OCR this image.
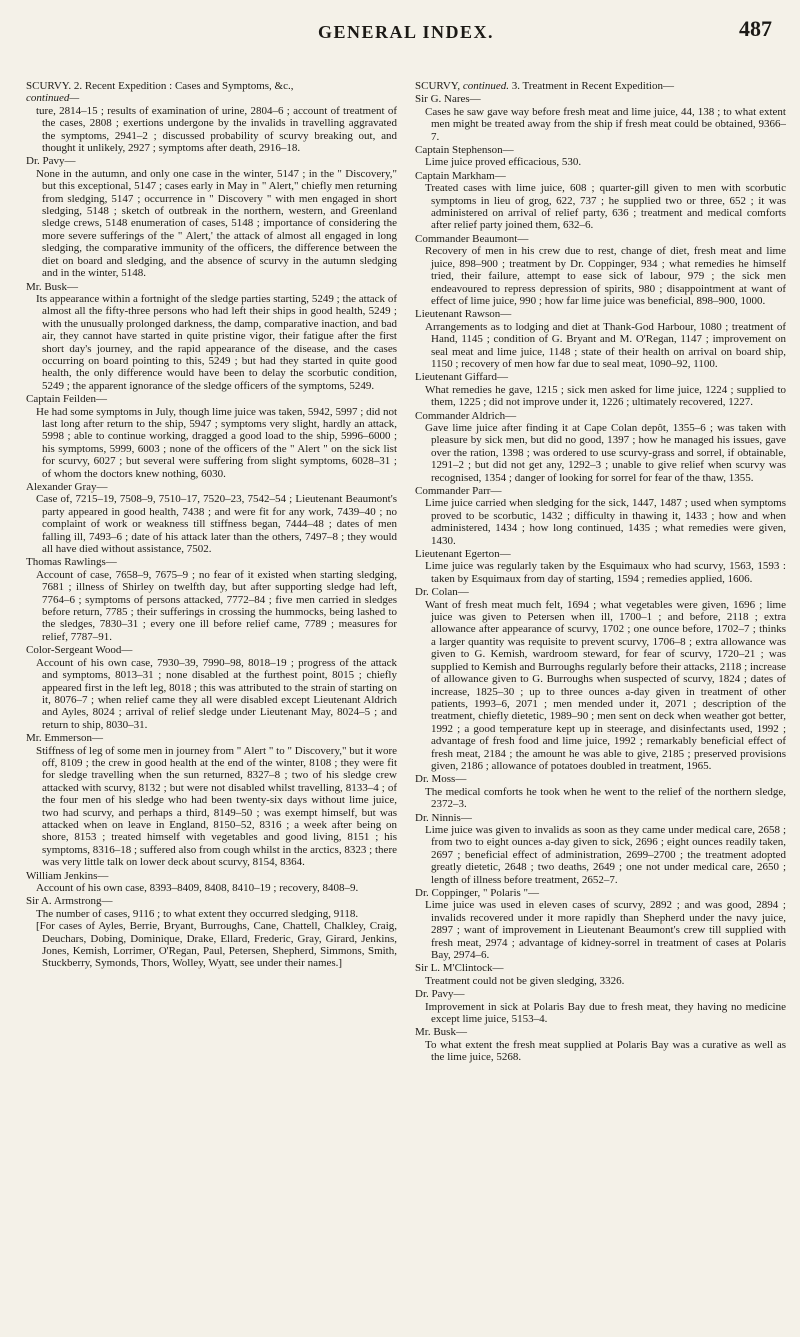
GENERAL INDEX.	487

SCURVY. 2. Recent Expedition : Cases and Symptoms, &c.,

continued—

ture, 2814–15 ; results of examination of urine, 2804–6 ; account of treatment of the cases, 2808 ; exertions undergone by the invalids in travelling aggravated the symptoms, 2941–2 ; discussed probability of scurvy breaking out, and thought it unlikely, 2927 ; symptoms after death, 2916–18.

Dr. Pavy—

None in the autumn, and only one case in the winter, 5147 ; in the " Discovery," but this exceptional, 5147 ; cases early in May in " Alert," chiefly men returning from sledging, 5147 ; occurrence in " Discovery " with men engaged in short sledging, 5148 ; sketch of outbreak in the northern, western, and Greenland sledge crews, 5148 enumeration of cases, 5148 ; importance of considering the more severe sufferings of the " Alert,' the attack of almost all engaged in long sledging, the comparative immunity of the officers, the difference between the diet on board and sledging, and the absence of scurvy in the autumn sledging and in the winter, 5148.

Mr. Busk—

Its appearance within a fortnight of the sledge parties starting, 5249 ; the attack of almost all the fifty-three persons who had left their ships in good health, 5249 ; with the unusually prolonged darkness, the damp, comparative inaction, and bad air, they cannot have started in quite pristine vigor, their fatigue after the first short day's journey, and the rapid appearance of the disease, and the cases occurring on board pointing to this, 5249 ; but had they started in quite good health, the only difference would have been to delay the scorbutic condition, 5249 ; the apparent ignorance of the sledge officers of the symptoms, 5249.

Captain Feilden—

He had some symptoms in July, though lime juice was taken, 5942, 5997 ; did not last long after return to the ship, 5947 ; symptoms very slight, hardly an attack, 5998 ; able to continue working, dragged a good load to the ship, 5996–6000 ; his symptoms, 5999, 6003 ; none of the officers of the " Alert " on the sick list for scurvy, 6027 ; but several were suffering from slight symptoms, 6028–31 ; of whom the doctors knew nothing, 6030.

Alexander Gray—

Case of, 7215–19, 7508–9, 7510–17, 7520–23, 7542–54 ; Lieutenant Beaumont's party appeared in good health, 7438 ; and were fit for any work, 7439–40 ; no complaint of work or weakness till stiffness began, 7444–48 ; dates of men falling ill, 7493–6 ; date of his attack later than the others, 7497–8 ; they would all have died without assistance, 7502.

Thomas Rawlings—

Account of case, 7658–9, 7675–9 ; no fear of it existed when starting sledging, 7681 ; illness of Shirley on twelfth day, but after supporting sledge had left, 7764–6 ; symptoms of persons attacked, 7772–84 ; five men carried in sledges before return, 7785 ; their sufferings in crossing the hummocks, being lashed to the sledges, 7830–31 ; every one ill before relief came, 7789 ; measures for relief, 7787–91.

Color-Sergeant Wood—

Account of his own case, 7930–39, 7990–98, 8018–19 ; progress of the attack and symptoms, 8013–31 ; none disabled at the furthest point, 8015 ; chiefly appeared first in the left leg, 8018 ; this was attributed to the strain of starting on it, 8076–7 ; when relief came they all were disabled except Lieutenant Aldrich and Ayles, 8024 ; arrival of relief sledge under Lieutenant May, 8024–5 ; and return to ship, 8030–31.

Mr. Emmerson—

Stiffness of leg of some men in journey from " Alert " to " Discovery," but it wore off, 8109 ; the crew in good health at the end of the winter, 8108 ; they were fit for sledge travelling when the sun returned, 8327–8 ; two of his sledge crew attacked with scurvy, 8132 ; but were not disabled whilst travelling, 8133–4 ; of the four men of his sledge who had been twenty-six days without lime juice, two had scurvy, and perhaps a third, 8149–50 ; was exempt himself, but was attacked when on leave in England, 8150–52, 8316 ; a week after being on shore, 8153 ; treated himself with vegetables and good living, 8151 ; his symptoms, 8316–18 ; suffered also from cough whilst in the arctics, 8323 ; there was very little talk on lower deck about scurvy, 8154, 8364.

William Jenkins—

Account of his own case, 8393–8409, 8408, 8410–19 ; recovery, 8408–9.

Sir A. Armstrong—

The number of cases, 9116 ; to what extent they occurred sledging, 9118.

[For cases of Ayles, Berrie, Bryant, Burroughs, Cane, Chattell, Chalkley, Craig, Deuchars, Dobing, Dominique, Drake, Ellard, Frederic, Gray, Girard, Jenkins, Jones, Kemish, Lorrimer, O'Regan, Paul, Petersen, Shepherd, Simmons, Smith, Stuckberry, Symonds, Thors, Wolley, Wyatt, see under their names.]

SCURVY, continued. 3. Treatment in Recent Expedition—

Sir G. Nares—

Cases he saw gave way before fresh meat and lime juice, 44, 138 ; to what extent men might be treated away from the ship if fresh meat could be obtained, 9366–7.

Captain Stephenson—

Lime juice proved efficacious, 530.

Captain Markham—

Treated cases with lime juice, 608 ; quarter-gill given to men with scorbutic symptoms in lieu of grog, 622, 737 ; he supplied two or three, 652 ; it was administered on arrival of relief party, 636 ; treatment and medical comforts after relief party joined them, 632–6.

Commander Beaumont—

Recovery of men in his crew due to rest, change of diet, fresh meat and lime juice, 898–900 ; treatment by Dr. Coppinger, 934 ; what remedies he himself tried, their failure, attempt to ease sick of labour, 979 ; the sick men endeavoured to repress depression of spirits, 980 ; disappointment at want of effect of lime juice, 990 ; how far lime juice was beneficial, 898–900, 1000.

Lieutenant Rawson—

Arrangements as to lodging and diet at Thank-God Harbour, 1080 ; treatment of Hand, 1145 ; condition of G. Bryant and M. O'Regan, 1147 ; improvement on seal meat and lime juice, 1148 ; state of their health on arrival on board ship, 1150 ; recovery of men how far due to seal meat, 1090–92, 1100.

Lieutenant Giffard—

What remedies he gave, 1215 ; sick men asked for lime juice, 1224 ; supplied to them, 1225 ; did not improve under it, 1226 ; ultimately recovered, 1227.

Commander Aldrich—

Gave lime juice after finding it at Cape Colan depôt, 1355–6 ; was taken with pleasure by sick men, but did no good, 1397 ; how he managed his issues, gave over the ration, 1398 ; was ordered to use scurvy-grass and sorrel, if obtainable, 1291–2 ; but did not get any, 1292–3 ; unable to give relief when scurvy was recognised, 1354 ; danger of looking for sorrel for fear of the thaw, 1355.

Commander Parr—

Lime juice carried when sledging for the sick, 1447, 1487 ; used when symptoms proved to be scorbutic, 1432 ; difficulty in thawing it, 1433 ; how and when administered, 1434 ; how long continued, 1435 ; what remedies were given, 1430.

Lieutenant Egerton—

Lime juice was regularly taken by the Esquimaux who had scurvy, 1563, 1593 : taken by Esquimaux from day of starting, 1594 ; remedies applied, 1606.

Dr. Colan—

Want of fresh meat much felt, 1694 ; what vegetables were given, 1696 ; lime juice was given to Petersen when ill, 1700–1 ; and before, 2118 ; extra allowance after appearance of scurvy, 1702 ; one ounce before, 1702–7 ; thinks a larger quantity was requisite to prevent scurvy, 1706–8 ; extra allowance was given to G. Kemish, wardroom steward, for fear of scurvy, 1720–21 ; was supplied to Kemish and Burroughs regularly before their attacks, 2118 ; increase of allowance given to G. Burroughs when suspected of scurvy, 1824 ; dates of increase, 1825–30 ; up to three ounces a-day given in treatment of other patients, 1993–6, 2071 ; men mended under it, 2071 ; description of the treatment, chiefly dietetic, 1989–90 ; men sent on deck when weather got better, 1992 ; a good temperature kept up in steerage, and disinfectants used, 1992 ; advantage of fresh food and lime juice, 1992 ; remarkably beneficial effect of fresh meat, 2184 ; the amount he was able to give, 2185 ; preserved provisions given, 2186 ; allowance of potatoes doubled in treatment, 1965.

Dr. Moss—

The medical comforts he took when he went to the relief of the northern sledge, 2372–3.

Dr. Ninnis—

Lime juice was given to invalids as soon as they came under medical care, 2658 ; from two to eight ounces a-day given to sick, 2696 ; eight ounces readily taken, 2697 ; beneficial effect of administration, 2699–2700 ; the treatment adopted greatly dietetic, 2648 ; two deaths, 2649 ; one not under medical care, 2650 ; length of illness before treatment, 2652–7.

Dr. Coppinger, " Polaris "—

Lime juice was used in eleven cases of scurvy, 2892 ; and was good, 2894 ; invalids recovered under it more rapidly than Shepherd under the navy juice, 2897 ; want of improvement in Lieutenant Beaumont's crew till supplied with fresh meat, 2974 ; advantage of kidney-sorrel in treatment of cases at Polaris Bay, 2974–6.

Sir L. M'Clintock—

Treatment could not be given sledging, 3326.

Dr. Pavy—

Improvement in sick at Polaris Bay due to fresh meat, they having no medicine except lime juice, 5153–4.

Mr. Busk—

To what extent the fresh meat supplied at Polaris Bay was a curative as well as the lime juice, 5268.
